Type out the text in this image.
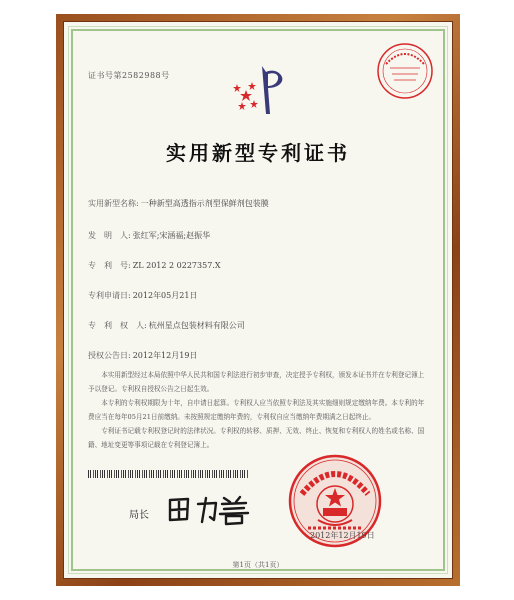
证书号第2582988号
实用新型专利证书
实用新型名称: 一种新型高透指示剂型保鲜剂包装膜
发　明　人: 张红军;宋涵福;赵振华
专　利　号: ZL 2012 2 0227357.X
专利申请日: 2012年05月21日
专　利　权　人: 杭州星点包装材料有限公司
授权公告日: 2012年12月19日

本实用新型经过本局依照中华人民共和国专利法进行初步审查，决定授予专利权，颁发本证书并在专利登记簿上予以登记。专利权自授权公告之日起生效。

本专利的专利权期限为十年，自申请日起算。专利权人应当依照专利法及其实施细则规定缴纳年费。本专利的年费应当在每年05月21日前缴纳。未按照规定缴纳年费的，专利权自应当缴纳年费期满之日起终止。

专利证书记载专利权登记时的法律状况。专利权的转移、质押、无效、终止、恢复和专利权人的姓名或名称、国籍、地址变更等事项记载在专利登记簿上。

局长
2012年12月19日
第1页（共1页）
